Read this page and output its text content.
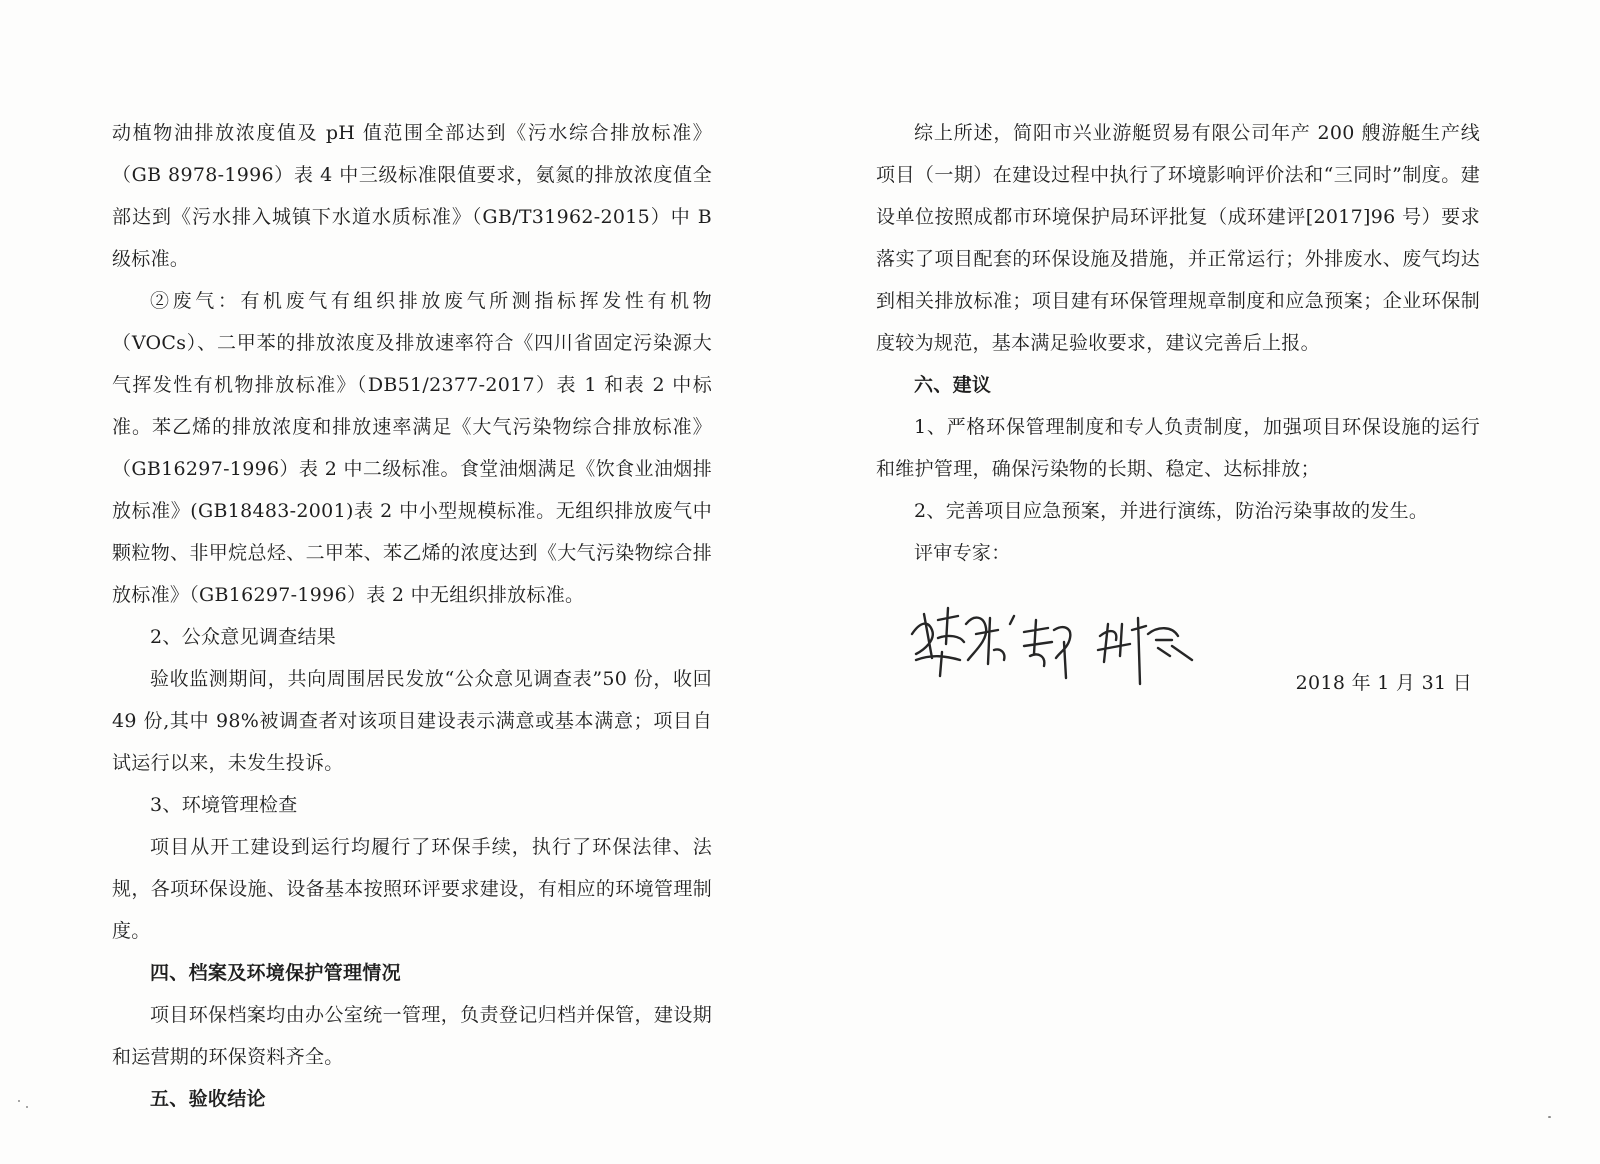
动植物油排放浓度值及 pH 值范围全部达到《污水综合排放标准》（GB 8978-1996）表 4 中三级标准限值要求，氨氮的排放浓度值全部达到《污水排入城镇下水道水质标准》（GB/T31962-2015）中 B 级标准。

②废气：有机废气有组织排放废气所测指标挥发性有机物（VOCs）、二甲苯的排放浓度及排放速率符合《四川省固定污染源大气挥发性有机物排放标准》（DB51/2377-2017）表 1 和表 2 中标准。苯乙烯的排放浓度和排放速率满足《大气污染物综合排放标准》（GB16297-1996）表 2 中二级标准。食堂油烟满足《饮食业油烟排放标准》(GB18483-2001)表 2 中小型规模标准。无组织排放废气中颗粒物、非甲烷总烃、二甲苯、苯乙烯的浓度达到《大气污染物综合排放标准》（GB16297-1996）表 2 中无组织排放标准。

2、公众意见调查结果

验收监测期间，共向周围居民发放“公众意见调查表”50 份，收回 49 份,其中 98%被调查者对该项目建设表示满意或基本满意；项目自试运行以来，未发生投诉。

3、环境管理检查

项目从开工建设到运行均履行了环保手续，执行了环保法律、法规，各项环保设施、设备基本按照环评要求建设，有相应的环境管理制度。

四、档案及环境保护管理情况

项目环保档案均由办公室统一管理，负责登记归档并保管，建设期和运营期的环保资料齐全。

五、验收结论

综上所述，简阳市兴业游艇贸易有限公司年产 200 艘游艇生产线项目（一期）在建设过程中执行了环境影响评价法和“三同时”制度。建设单位按照成都市环境保护局环评批复（成环建评[2017]96 号）要求落实了项目配套的环保设施及措施，并正常运行；外排废水、废气均达到相关排放标准；项目建有环保管理规章制度和应急预案；企业环保制度较为规范，基本满足验收要求，建议完善后上报。

六、建议

1、严格环保管理制度和专人负责制度，加强项目环保设施的运行和维护管理，确保污染物的长期、稳定、达标排放；

2、完善项目应急预案，并进行演练，防治污染事故的发生。

评审专家：

2018 年 1 月 31 日
